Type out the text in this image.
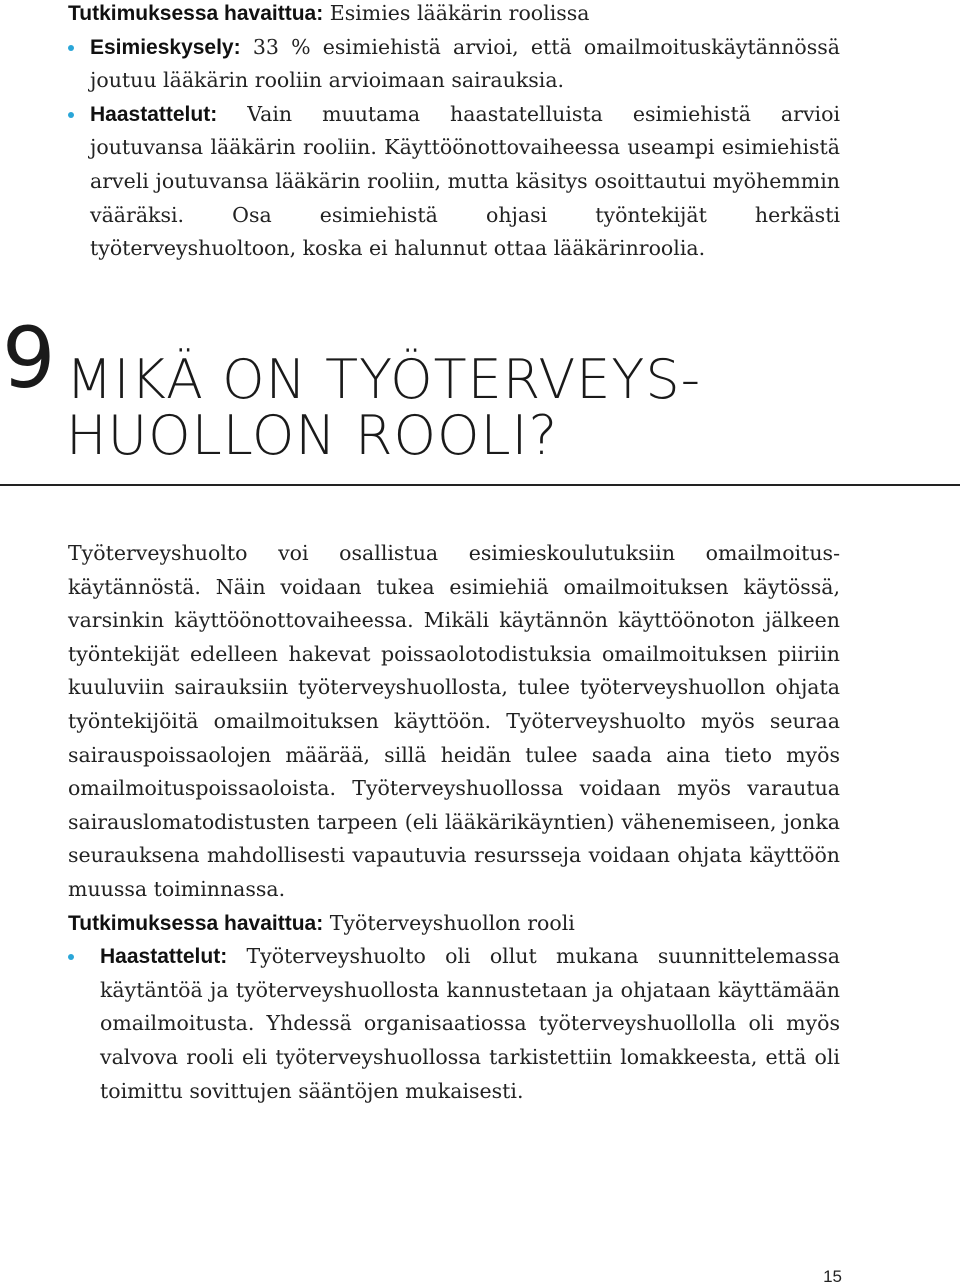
Tutkimuksessa havaittua: Esimies lääkärin roolissa

Esimieskysely: 33 % esimiehistä arvioi, että omailmoituskäytännössä joutuu lääkärin rooliin arvioimaan sairauksia.

Haastattelut: Vain muutama haastatelluista esimiehistä arvioi joutuvansa lääkärin rooliin. Käyttöönottovaiheessa useampi esimiehistä arveli joutuvansa lääkärin rooliin, mutta käsitys osoittautui myöhemmin vääräksi. Osa esimiehistä ohjasi työntekijät herkästi työterveyshuoltoon, koska ei halunnut ottaa lääkärinroolia.

9 MIKÄ ON TYÖTERVEYS-
HUOLLON ROOLI?

Työterveyshuolto voi osallistua esimieskoulutuksiin omailmoituskäytännöstä. Näin voidaan tukea esimiehiä omailmoituksen käytössä, varsinkin käyttöönottovaiheessa. Mikäli käytännön käyttöönoton jälkeen työntekijät edelleen hakevat poissaolotodistuksia omailmoituksen piiriin kuuluviin sairauksiin työterveyshuollosta, tulee työterveyshuollon ohjata työntekijöitä omailmoituksen käyttöön. Työterveyshuolto myös seuraa sairauspoissaolojen määrää, sillä heidän tulee saada aina tieto myös omailmoituspoissaoloista. Työterveyshuollossa voidaan myös varautua sairauslomatodistusten tarpeen (eli lääkärikäyntien) vähenemiseen, jonka seurauksena mahdollisesti vapautuvia resursseja voidaan ohjata käyttöön muussa toiminnassa.

Tutkimuksessa havaittua: Työterveyshuollon rooli

Haastattelut: Työterveyshuolto oli ollut mukana suunnittelemassa käytäntöä ja työterveyshuollosta kannustetaan ja ohjataan käyttämään omailmoitusta. Yhdessä organisaatiossa työterveyshuollolla oli myös valvova rooli eli työterveyshuollossa tarkistettiin lomakkeesta, että oli toimittu sovittujen sääntöjen mukaisesti.

15
